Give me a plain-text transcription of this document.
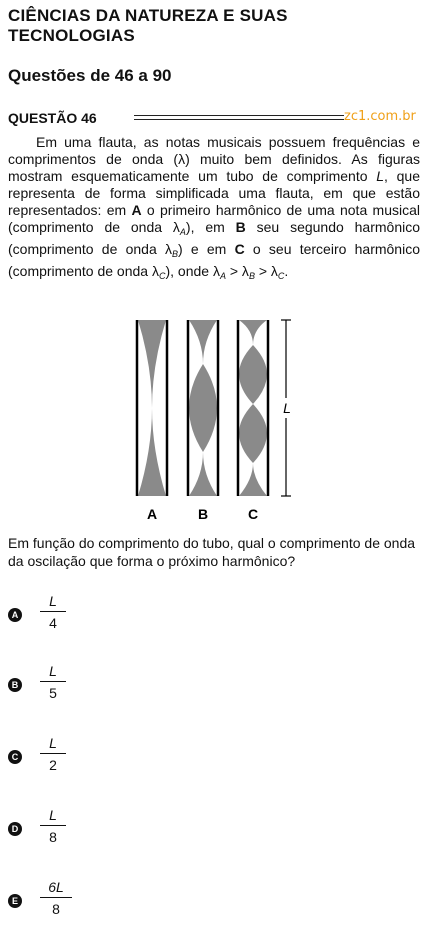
CIÊNCIAS DA NATUREZA E SUAS TECNOLOGIAS
Questões de 46 a 90
QUESTÃO 46	zc1.com.br

Em uma flauta, as notas musicais possuem frequências e comprimentos de onda (λ) muito bem definidos. As figuras mostram esquematicamente um tubo de comprimento L, que representa de forma simplificada uma flauta, em que estão representados: em A o primeiro harmônico de uma nota musical (comprimento de onda $\lambda_A$), em B seu segundo harmônico (comprimento de onda $\lambda_B$) e em C o seu terceiro harmônico (comprimento de onda $\lambda_C$), onde $\lambda_A > \lambda_B > \lambda_C$.

L
A	B	C
Em função do comprimento do tubo, qual o comprimento de onda da oscilação que forma o próximo harmônico?
A
L
4
B
L
5
C
L
2
D
L
8
E
6L
8
